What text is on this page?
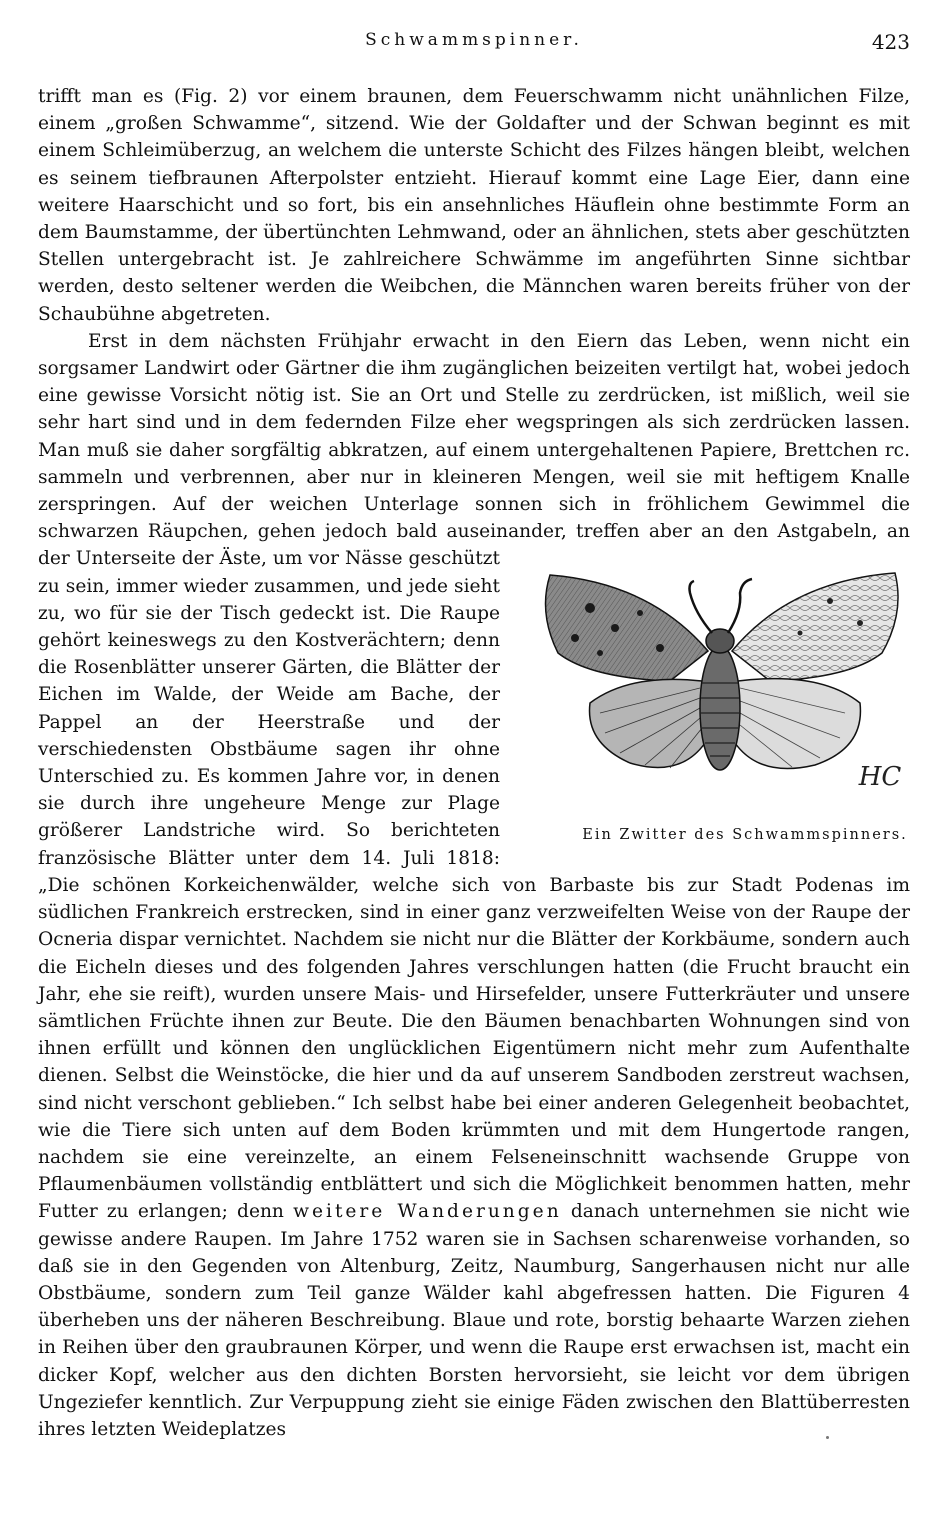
Schwammspinner.	423

trifft man es (Fig. 2) vor einem braunen, dem Feuerschwamm nicht unähnlichen Filze, einem „großen Schwamme“, sitzend. Wie der Goldafter und der Schwan beginnt es mit einem Schleimüberzug, an welchem die unterste Schicht des Filzes hängen bleibt, welchen es seinem tiefbraunen Afterpolster entzieht. Hierauf kommt eine Lage Eier, dann eine weitere Haarschicht und so fort, bis ein ansehnliches Häuflein ohne bestimmte Form an dem Baumstamme, der übertünchten Lehmwand, oder an ähnlichen, stets aber geschützten Stellen untergebracht ist. Je zahlreichere Schwämme im angeführten Sinne sichtbar werden, desto seltener werden die Weibchen, die Männchen waren bereits früher von der Schaubühne abgetreten.

Erst in dem nächsten Frühjahr erwacht in den Eiern das Leben, wenn nicht ein sorgsamer Landwirt oder Gärtner die ihm zugänglichen beizeiten vertilgt hat, wobei jedoch eine gewisse Vorsicht nötig ist. Sie an Ort und Stelle zu zerdrücken, ist mißlich, weil sie sehr hart sind und in dem federnden Filze eher wegspringen als sich zerdrücken lassen. Man muß sie daher sorgfältig abkratzen, auf einem untergehaltenen Papiere, Brettchen rc. sammeln und verbrennen, aber nur in kleineren Mengen, weil sie mit heftigem Knalle zerspringen. Auf der weichen Unterlage sonnen sich in fröhlichem Gewimmel die schwarzen Räupchen, gehen jedoch bald auseinander, treffen aber an den Astgabeln, an der Unterseite
HC
Ein Zwitter des Schwammspinners.
der Äste, um vor Nässe geschützt zu sein, immer wieder zusammen, und jede sieht zu, wo für sie der Tisch gedeckt ist. Die Raupe gehört keineswegs zu den Kostverächtern; denn die Rosenblätter unserer Gärten, die Blätter der Eichen im Walde, der Weide am Bache, der Pappel an der Heerstraße und der verschiedensten Obstbäume sagen ihr ohne Unterschied zu. Es kommen Jahre vor, in denen sie durch ihre ungeheure Menge zur Plage größerer Landstriche wird. So berichteten französische Blätter unter dem 14. Juli 1818: „Die schönen Korkeichenwälder, welche sich von Barbaste bis zur Stadt Podenas im südlichen Frankreich erstrecken, sind in einer ganz verzweifelten Weise von der Raupe der Ocneria dispar vernichtet. Nachdem sie nicht nur die Blätter der Korkbäume, sondern auch die Eicheln dieses und des folgenden Jahres verschlungen hatten (die Frucht braucht ein Jahr, ehe sie reift), wurden unsere Mais- und Hirsefelder, unsere Futterkräuter und unsere sämtlichen Früchte ihnen zur Beute. Die den Bäumen benachbarten Wohnungen sind von ihnen erfüllt und können den unglücklichen Eigentümern nicht mehr zum Aufenthalte dienen. Selbst die Weinstöcke, die hier und da auf unserem Sandboden zerstreut wachsen, sind nicht verschont geblieben.“ Ich selbst habe bei einer anderen Gelegenheit beobachtet, wie die Tiere sich unten auf dem Boden krümmten und mit dem Hungertode rangen, nachdem sie eine vereinzelte, an einem Felseneinschnitt wachsende Gruppe von Pflaumenbäumen vollständig entblättert und sich die Möglichkeit benommen hatten, mehr Futter zu erlangen; denn weitere Wanderungen danach unternehmen sie nicht wie gewisse andere Raupen. Im Jahre 1752 waren sie in Sachsen scharenweise vorhanden, so daß sie in den Gegenden von Altenburg, Zeitz, Naumburg, Sangerhausen nicht nur alle Obstbäume, sondern zum Teil ganze Wälder kahl abgefressen hatten. Die Figuren 4 überheben uns der näheren Beschreibung. Blaue und rote, borstig behaarte Warzen ziehen in Reihen über den graubraunen Körper, und wenn die Raupe erst erwachsen ist, macht ein dicker Kopf, welcher aus den dichten Borsten hervorsieht, sie leicht vor dem übrigen Ungeziefer kenntlich. Zur Verpuppung zieht sie einige Fäden zwischen den Blattüberresten ihres letzten Weideplatzes
